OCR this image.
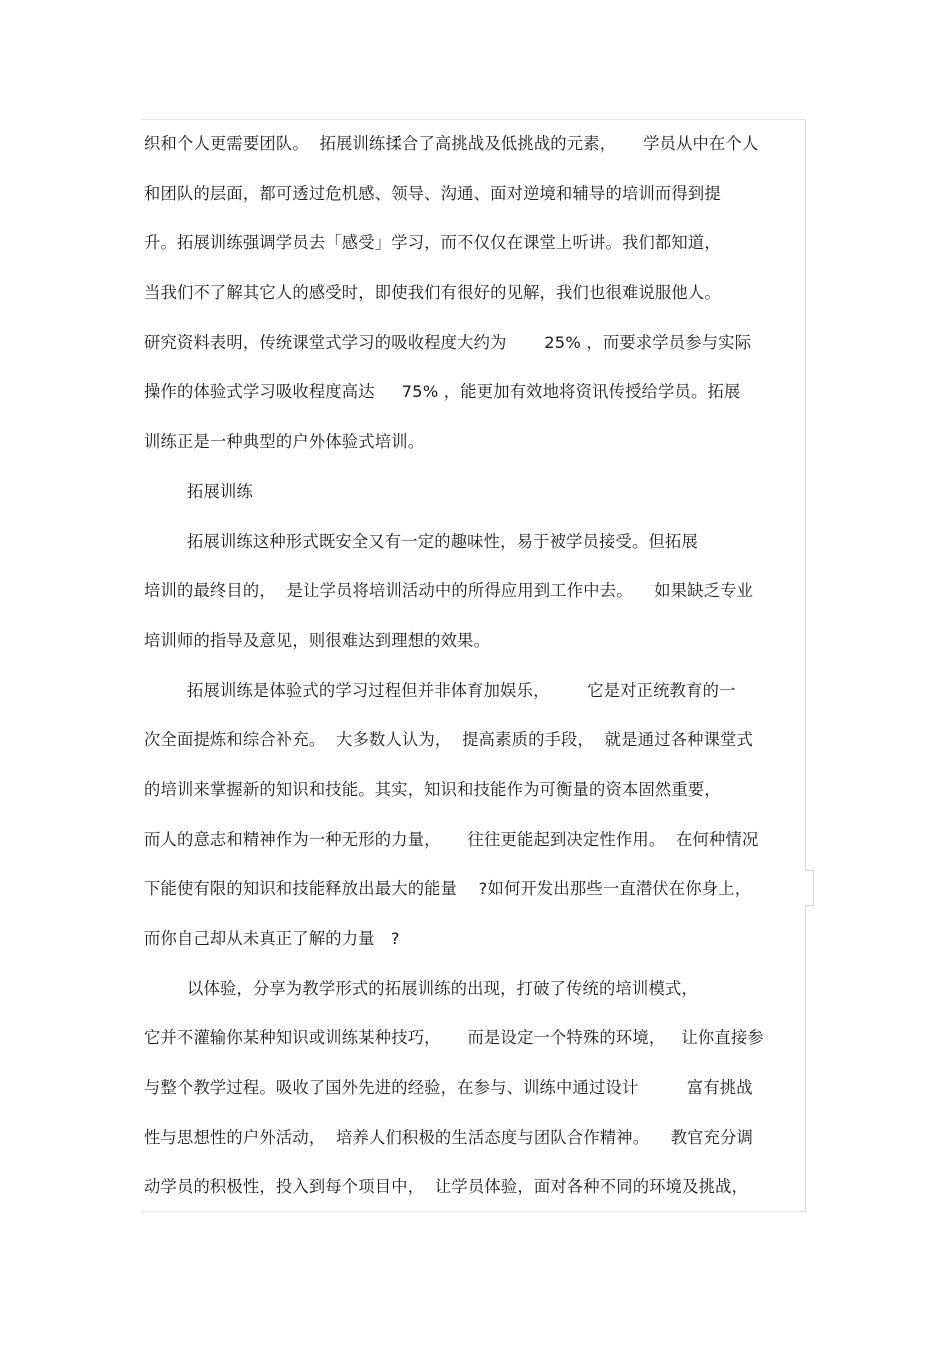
织和个人更需要团队。  拓展训练揉合了高挑战及低挑战的元素，     学员从中在个人
和团队的层面，都可透过危机感、领导、沟通、面对逆境和辅导的培训而得到提
升。拓展训练强调学员去「感受」学习，而不仅仅在课堂上听讲。我们都知道，
当我们不了解其它人的感受时，即使我们有很好的见解，我们也很难说服他人。
研究资料表明，传统课堂式学习的吸收程度大约为       25% ，而要求学员参与实际
操作的体验式学习吸收程度高达     75% ，能更加有效地将资讯传授给学员。拓展
训练正是一种典型的户外体验式培训。
拓展训练
拓展训练这种形式既安全又有一定的趣味性，易于被学员接受。但拓展
培训的最终目的，  是让学员将培训活动中的所得应用到工作中去。    如果缺乏专业
培训师的指导及意见，则很难达到理想的效果。
拓展训练是体验式的学习过程但并非体育加娱乐，       它是对正统教育的一
次全面提炼和综合补充。  大多数人认为，  提高素质的手段，  就是通过各种课堂式
的培训来掌握新的知识和技能。其实，知识和技能作为可衡量的资本固然重要，
而人的意志和精神作为一种无形的力量，     往往更能起到决定性作用。  在何种情况
下能使有限的知识和技能释放出最大的能量    ?如何开发出那些一直潜伏在你身上，
而你自己却从未真正了解的力量   ?
以体验，分享为教学形式的拓展训练的出现，打破了传统的培训模式，
它并不灌输你某种知识或训练某种技巧，     而是设定一个特殊的环境，   让你直接参
与整个教学过程。吸收了国外先进的经验，在参与、训练中通过设计         富有挑战
性与思想性的户外活动，  培养人们积极的生活态度与团队合作精神。    教官充分调
动学员的积极性，投入到每个项目中，  让学员体验，面对各种不同的环境及挑战，
